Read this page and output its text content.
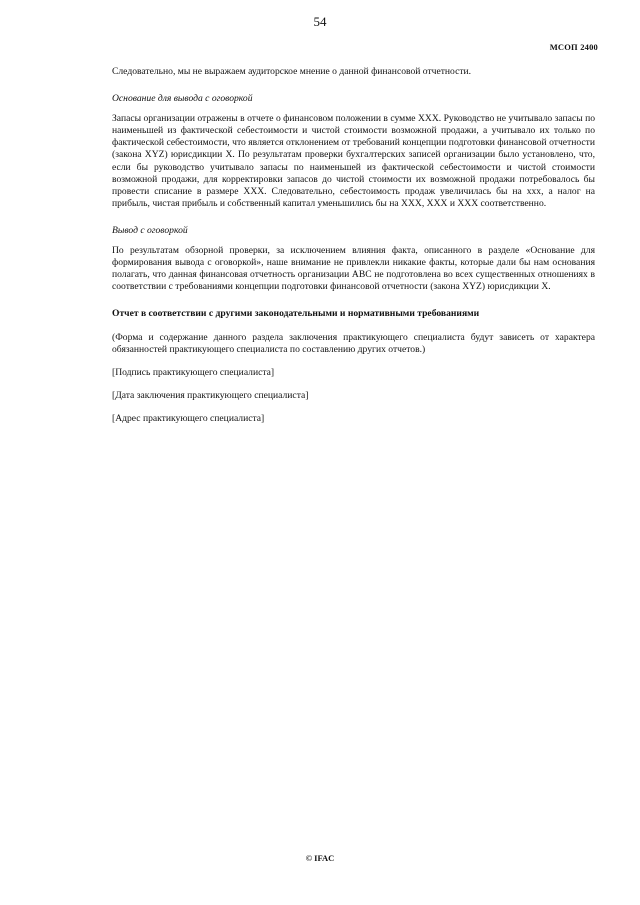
54
МСОП 2400

Следовательно, мы не выражаем аудиторское мнение о данной финансовой отчетности.

Основание для вывода с оговоркой

Запасы организации отражены в отчете о финансовом положении в сумме XXX. Руководство не учитывало запасы по наименьшей из фактической себестоимости и чистой стоимости возможной продажи, а учитывало их только по фактической себестоимости, что является отклонением от требований концепции подготовки финансовой отчетности (закона XYZ) юрисдикции X. По результатам проверки бухгалтерских записей организации было установлено, что, если бы руководство учитывало запасы по наименьшей из фактической себестоимости и чистой стоимости возможной продажи, для корректировки запасов до чистой стоимости их возможной продажи потребовалось бы провести списание в размере XXX. Следовательно, себестоимость продаж увеличилась бы на xxx, а налог на прибыль, чистая прибыль и собственный капитал уменьшились бы на XXX, XXX и XXX соответственно.

Вывод с оговоркой

По результатам обзорной проверки, за исключением влияния факта, описанного в разделе «Основание для формирования вывода с оговоркой», наше внимание не привлекли никакие факты, которые дали бы нам основания полагать, что данная финансовая отчетность организации ABC не подготовлена во всех существенных отношениях в соответствии с требованиями концепции подготовки финансовой отчетности (закона XYZ) юрисдикции X.

Отчет в соответствии с другими законодательными и нормативными требованиями

(Форма и содержание данного раздела заключения практикующего специалиста будут зависеть от характера обязанностей практикующего специалиста по составлению других отчетов.)

[Подпись практикующего специалиста]

[Дата заключения практикующего специалиста]

[Адрес практикующего специалиста]

© IFAC
